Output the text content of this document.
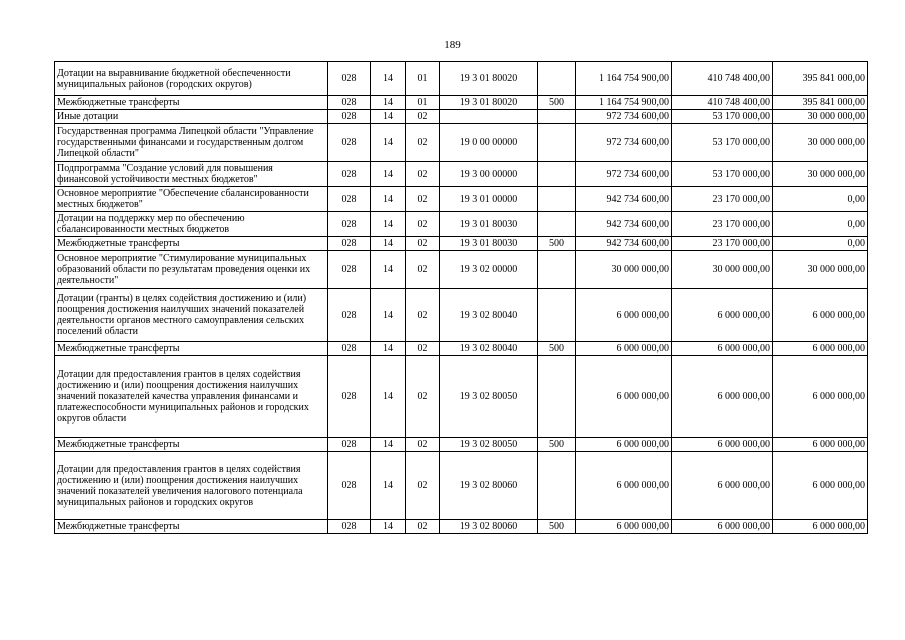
189
Дотации на выравнивание бюджетной обеспеченности муниципальных районов (городских округов)	028	14	01	19 3 01 80020		1 164 754 900,00	410 748 400,00	395 841 000,00
Межбюджетные трансферты	028	14	01	19 3 01 80020	500	1 164 754 900,00	410 748 400,00	395 841 000,00
Иные дотации	028	14	02			972 734 600,00	53 170 000,00	30 000 000,00
Государственная программа Липецкой области "Управление государственными финансами и государственным долгом Липецкой области"	028	14	02	19 0 00 00000		972 734 600,00	53 170 000,00	30 000 000,00
Подпрограмма "Создание условий для повышения финансовой устойчивости местных бюджетов"	028	14	02	19 3 00 00000		972 734 600,00	53 170 000,00	30 000 000,00
Основное мероприятие "Обеспечение сбалансированности местных бюджетов"	028	14	02	19 3 01 00000		942 734 600,00	23 170 000,00	0,00
Дотации на поддержку мер по обеспечению сбалансированности местных бюджетов	028	14	02	19 3 01 80030		942 734 600,00	23 170 000,00	0,00
Межбюджетные трансферты	028	14	02	19 3 01 80030	500	942 734 600,00	23 170 000,00	0,00
Основное мероприятие "Стимулирование муниципальных образований области по результатам проведения оценки их деятельности"	028	14	02	19 3 02 00000		30 000 000,00	30 000 000,00	30 000 000,00
Дотации (гранты) в целях содействия достижению и (или) поощрения достижения наилучших значений показателей деятельности органов местного самоуправления сельских поселений области	028	14	02	19 3 02 80040		6 000 000,00	6 000 000,00	6 000 000,00
Межбюджетные трансферты	028	14	02	19 3 02 80040	500	6 000 000,00	6 000 000,00	6 000 000,00
Дотации для предоставления грантов в целях содействия достижению и (или) поощрения достижения наилучших значений показателей качества управления финансами и платежеспособности муниципальных районов и городских округов области	028	14	02	19 3 02 80050		6 000 000,00	6 000 000,00	6 000 000,00
Межбюджетные трансферты	028	14	02	19 3 02 80050	500	6 000 000,00	6 000 000,00	6 000 000,00
Дотации для предоставления грантов в целях содействия достижению и (или) поощрения достижения наилучших значений показателей увеличения налогового потенциала муниципальных районов и городских округов	028	14	02	19 3 02 80060		6 000 000,00	6 000 000,00	6 000 000,00
Межбюджетные трансферты	028	14	02	19 3 02 80060	500	6 000 000,00	6 000 000,00	6 000 000,00
